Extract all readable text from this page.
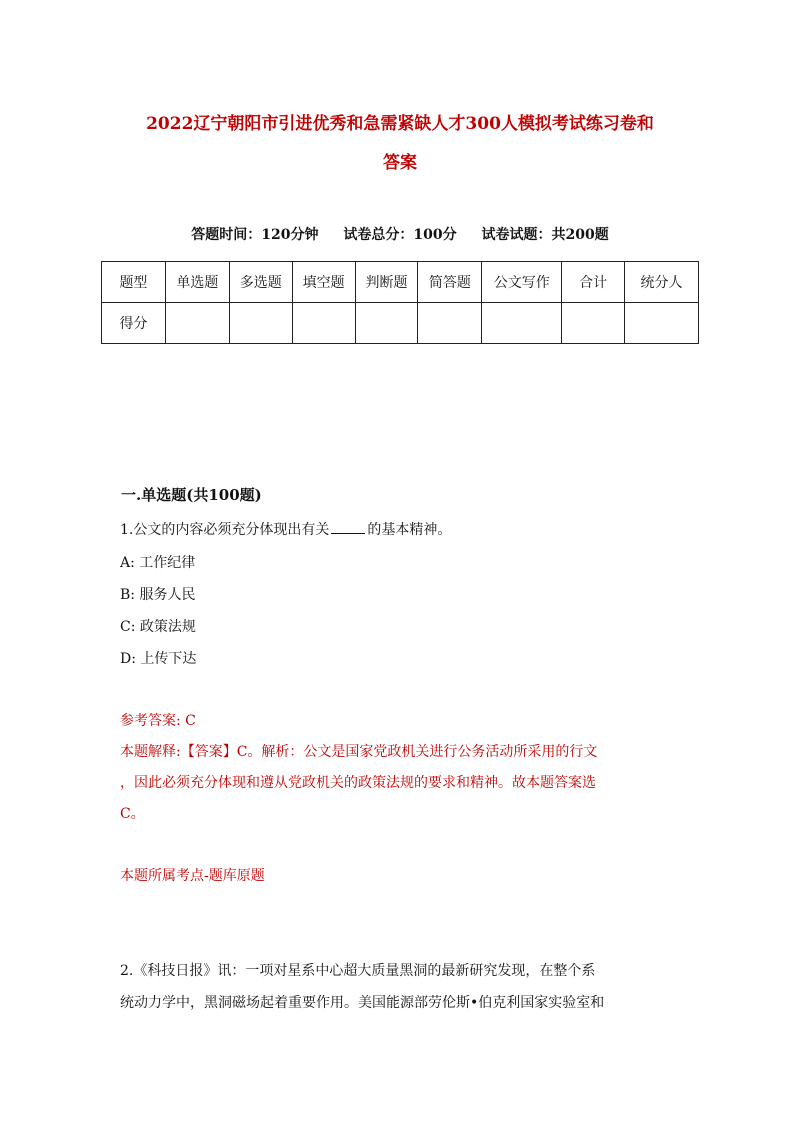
2022辽宁朝阳市引进优秀和急需紧缺人才300人模拟考试练习卷和
答案
答题时间：120分钟 试卷总分：100分 试卷试题：共200题
题型	单选题	多选题	填空题	判断题	简答题	公文写作	合计	统分人
得分								
一.单选题(共100题)
1.公文的内容必须充分体现出有关	的基本精神。
A: 工作纪律
B: 服务人民
C: 政策法规
D: 上传下达
参考答案: C
本题解释:【答案】C。解析：公文是国家党政机关进行公务活动所采用的行文
，因此必须充分体现和遵从党政机关的政策法规的要求和精神。故本题答案选
C。
本题所属考点-题库原题
2.《科技日报》讯：一项对星系中心超大质量黑洞的最新研究发现，在整个系
统动力学中，黑洞磁场起着重要作用。美国能源部劳伦斯•伯克利国家实验室和
